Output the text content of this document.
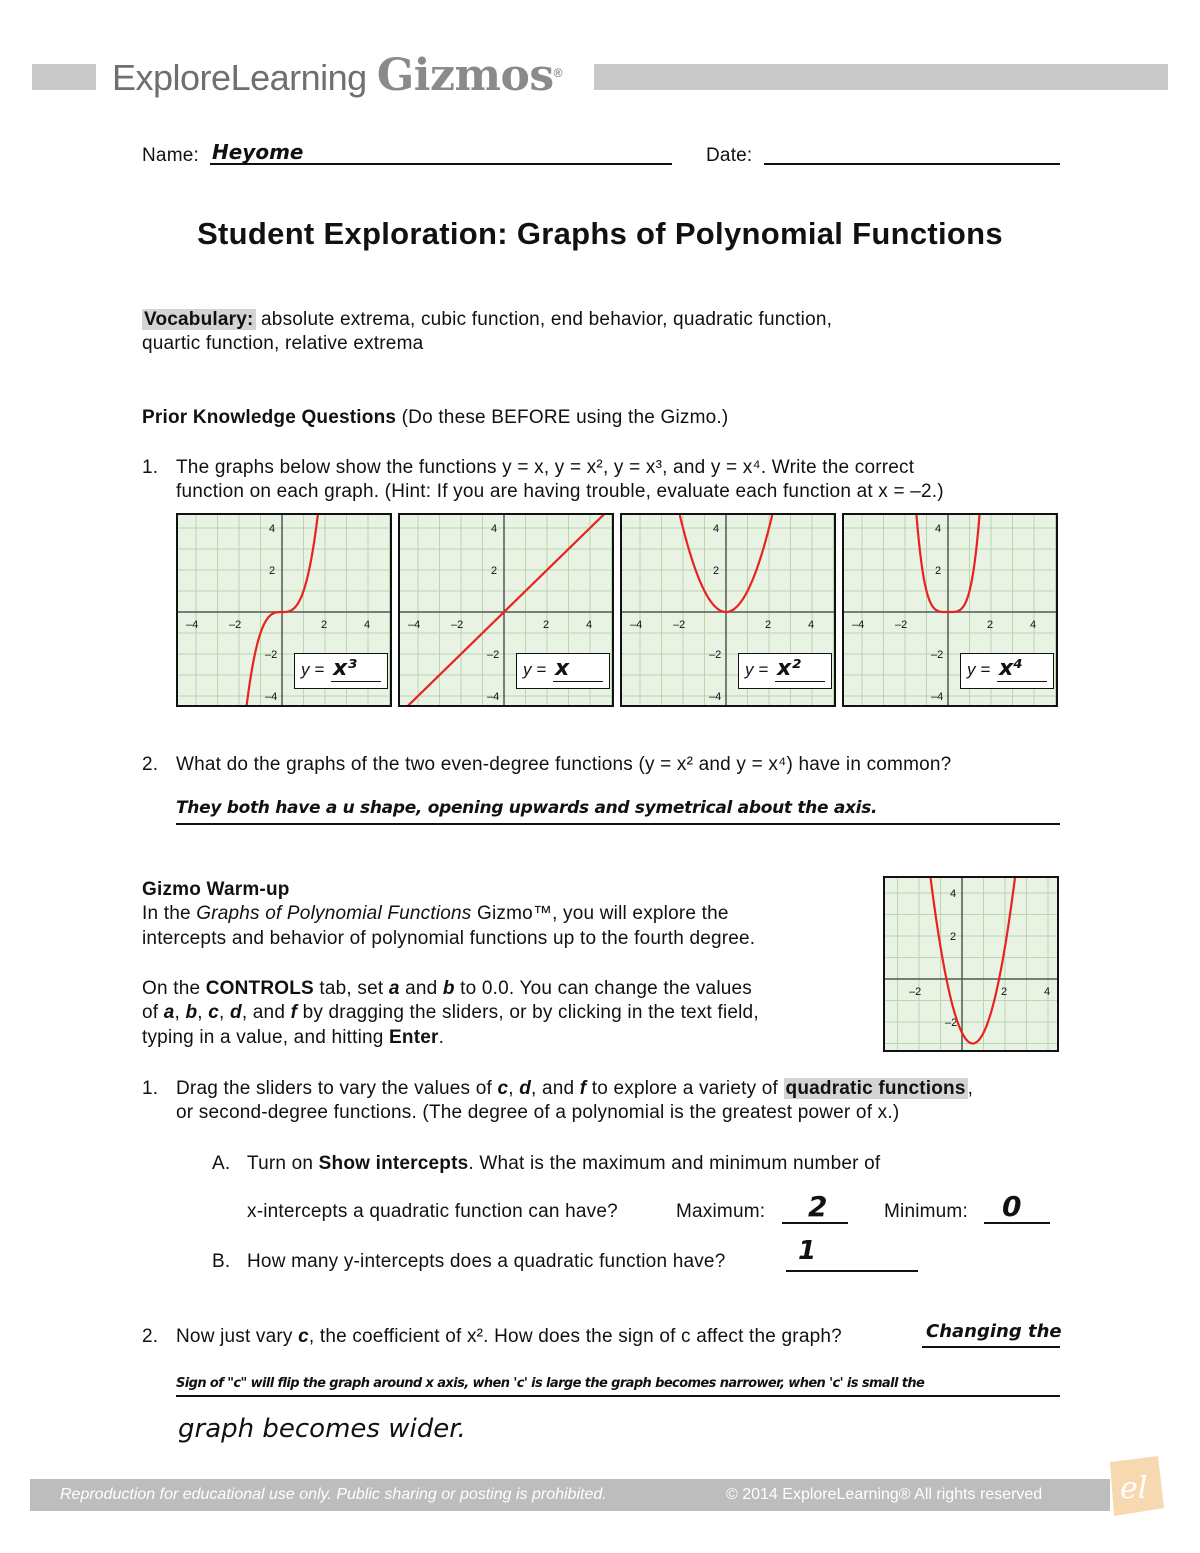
ExploreLearning Gizmos®
Name: Heyome	Date:
Student Exploration: Graphs of Polynomial Functions
Vocabulary: absolute extrema, cubic function, end behavior, quadratic function,
quartic function, relative extrema
Prior Knowledge Questions (Do these BEFORE using the Gizmo.)
1. The graphs below show the functions y = x, y = x², y = x³, and y = x⁴. Write the correct
function on each graph. (Hint: If you are having trouble, evaluate each function at x = –2.)
–4	–2	2	4
4
2
–2
–4
y = x³
–4	–2	2	4
4
2
–2
–4
y = x
–4	–2	2	4
4
2
–2
–4
y = x²
–4	–2	2	4
4
2
–2
–4
y = x⁴
2. What do the graphs of the two even-degree functions (y = x² and y = x⁴) have in common?
They both have a u shape, opening upwards and symetrical about the axis.
Gizmo Warm-up
In the Graphs of Polynomial Functions Gizmo™, you will explore the
intercepts and behavior of polynomial functions up to the fourth degree.
On the CONTROLS tab, set a and b to 0.0. You can change the values
of a, b, c, d, and f by dragging the sliders, or by clicking in the text field,
typing in a value, and hitting Enter.
–2	2	4
4
2
–2
1. Drag the sliders to vary the values of c, d, and f to explore a variety of quadratic functions ,
or second-degree functions. (The degree of a polynomial is the greatest power of x.)
A. Turn on Show intercepts. What is the maximum and minimum number of
x-intercepts a quadratic function can have?	Maximum: 2	Minimum: 0
B. How many y-intercepts does a quadratic function have?	1
2. Now just vary c, the coefficient of x². How does the sign of c affect the graph?	Changing the
Sign of "c" will flip the graph around x axis, when 'c' is large the graph becomes narrower, when 'c' is small the
graph becomes wider.
Reproduction for educational use only. Public sharing or posting is prohibited.	© 2014 ExploreLearning® All rights reserved	el
